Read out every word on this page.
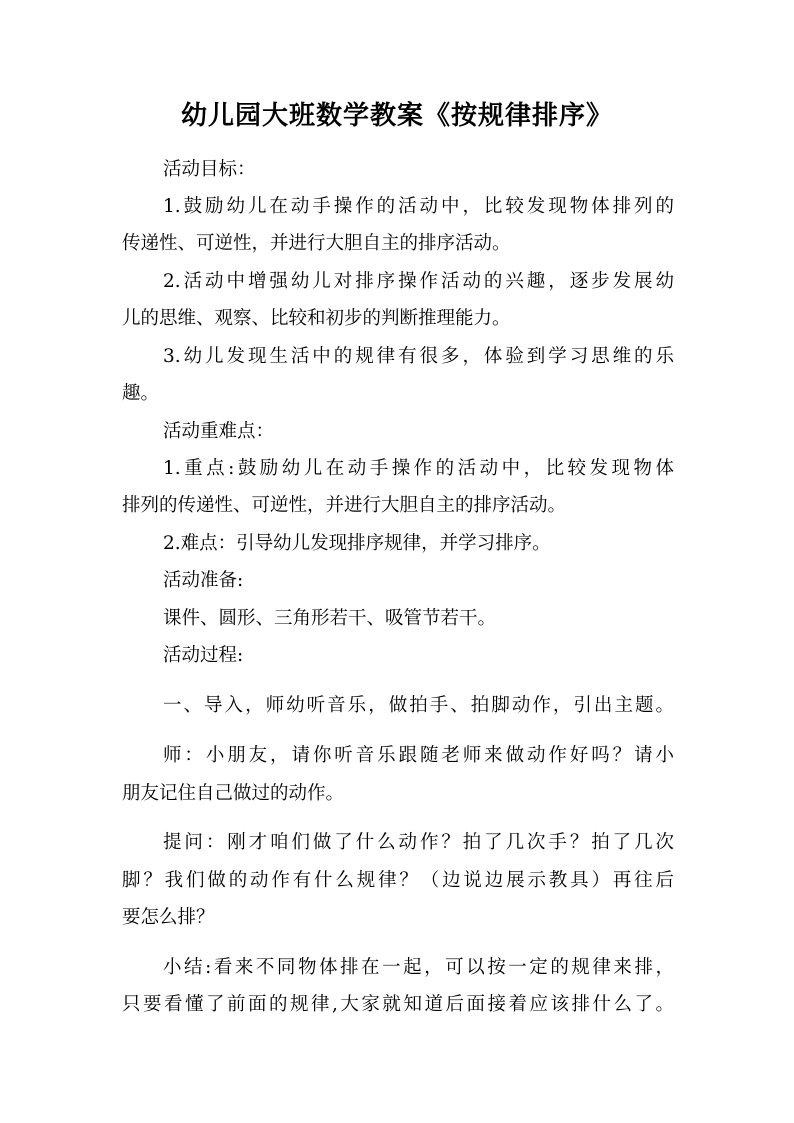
幼儿园大班数学教案《按规律排序》
活动目标：
1.鼓励幼儿在动手操作的活动中，比较发现物体排列的
传递性、可逆性，并进行大胆自主的排序活动。
2.活动中增强幼儿对排序操作活动的兴趣，逐步发展幼
儿的思维、观察、比较和初步的判断推理能力。
3.幼儿发现生活中的规律有很多，体验到学习思维的乐
趣。
活动重难点：
1.重点:鼓励幼儿在动手操作的活动中，比较发现物体
排列的传递性、可逆性，并进行大胆自主的排序活动。
2.难点：引导幼儿发现排序规律，并学习排序。
活动准备:
课件、圆形、三角形若干、吸管节若干。
活动过程:
一、导入，师幼听音乐，做拍手、拍脚动作，引出主题。
师：小朋友，请你听音乐跟随老师来做动作好吗？请小
朋友记住自己做过的动作。
提问：刚才咱们做了什么动作？拍了几次手？拍了几次
脚？我们做的动作有什么规律？（边说边展示教具）再往后
要怎么排？
小结:看来不同物体排在一起，可以按一定的规律来排，
只要看懂了前面的规律,大家就知道后面接着应该排什么了。
